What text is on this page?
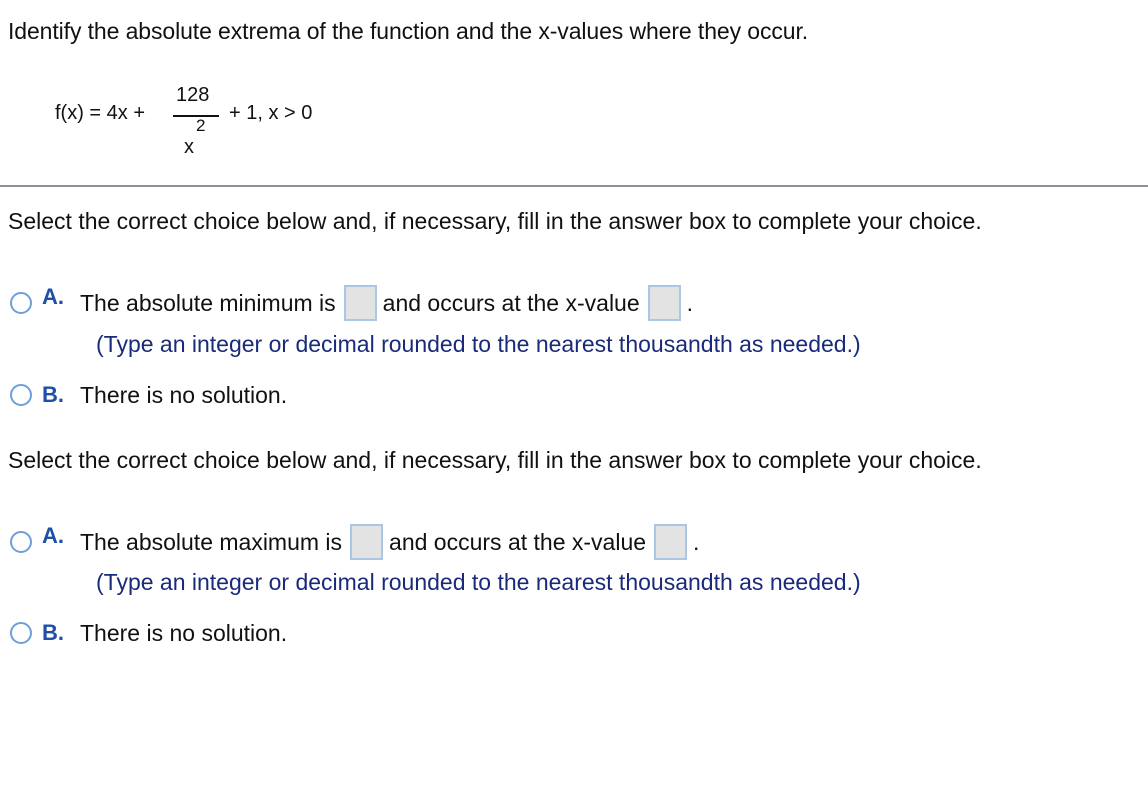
Identify the absolute extrema of the function and the x-values where they occur.
f(x) = 4x +
128
2
x
+ 1, x > 0
Select the correct choice below and, if necessary, fill in the answer box to complete your choice.
A. The absolute minimum is and occurs at the x-value .
(Type an integer or decimal rounded to the nearest thousandth as needed.)
B. There is no solution.
Select the correct choice below and, if necessary, fill in the answer box to complete your choice.
A. The absolute maximum is and occurs at the x-value .
(Type an integer or decimal rounded to the nearest thousandth as needed.)
B. There is no solution.
